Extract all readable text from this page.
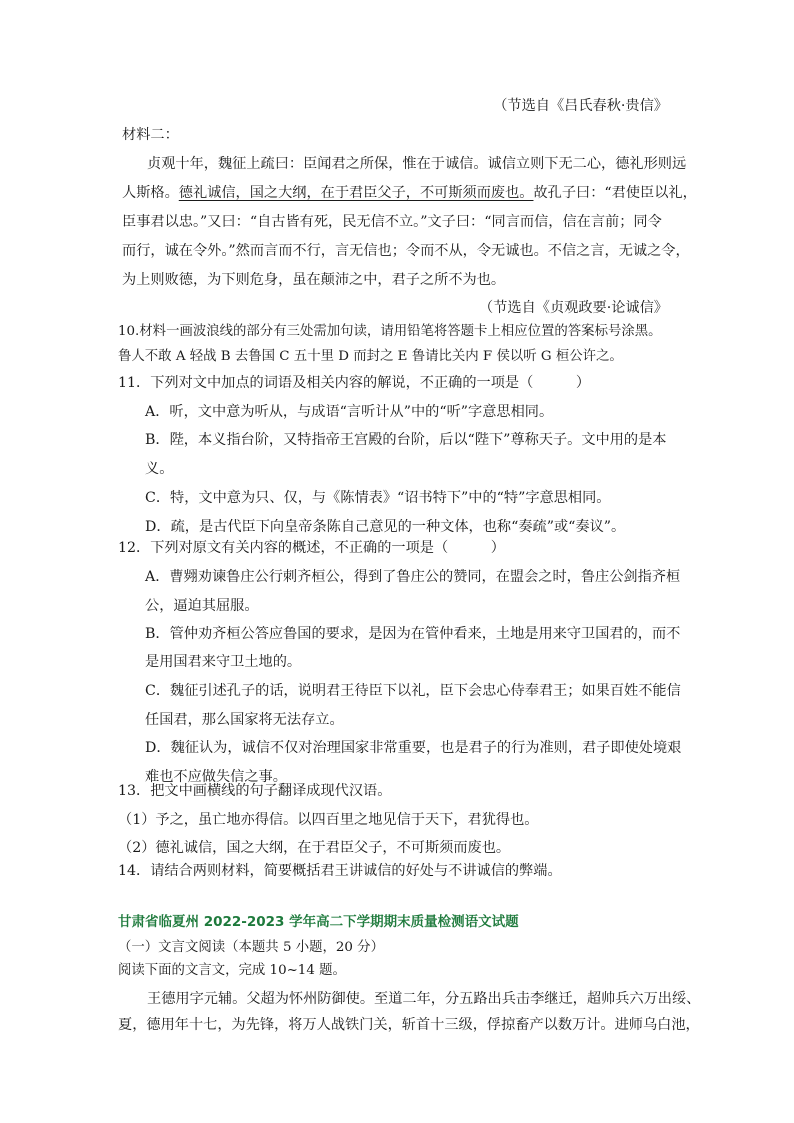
（节选自《吕氏春秋·贵信》
材料二：
贞观十年，魏征上疏曰：臣闻君之所保，惟在于诚信。诚信立则下无二心，德礼形则远
人斯格。德礼诚信，国之大纲，在于君臣父子，不可斯须而废也。故孔子曰：“君使臣以礼，
臣事君以忠。”又曰：“自古皆有死，民无信不立。”文子曰：“同言而信，信在言前；同令
而行，诚在令外。”然而言而不行，言无信也；令而不从，令无诚也。不信之言，无诚之令，
为上则败德，为下则危身，虽在颠沛之中，君子之所不为也。
（节选自《贞观政要·论诚信》
10.材料一画波浪线的部分有三处需加句读，请用铅笔将答题卡上相应位置的答案标号涂黑。
鲁人不敢 A 轻战 B 去鲁国 C 五十里 D 而封之 E 鲁请比关内 F 侯以听 G 桓公许之。
11．下列对文中加点的词语及相关内容的解说，不正确的一项是（　　　）
A．听，文中意为听从，与成语“言听计从”中的“听”字意思相同。
B．陛，本义指台阶，又特指帝王宫殿的台阶，后以“陛下”尊称天子。文中用的是本
义。
C．特，文中意为只、仅，与《陈情表》“诏书特下”中的“特”字意思相同。
D．疏，是古代臣下向皇帝条陈自己意见的一种文体，也称“奏疏”或“奏议”。
12．下列对原文有关内容的概述，不正确的一项是（　　　）
A．曹翙劝谏鲁庄公行刺齐桓公，得到了鲁庄公的赞同，在盟会之时，鲁庄公剑指齐桓
公，逼迫其屈服。
B．管仲劝齐桓公答应鲁国的要求，是因为在管仲看来，土地是用来守卫国君的，而不
是用国君来守卫土地的。
C．魏征引述孔子的话，说明君王待臣下以礼，臣下会忠心侍奉君王；如果百姓不能信
任国君，那么国家将无法存立。
D．魏征认为，诚信不仅对治理国家非常重要，也是君子的行为准则，君子即使处境艰
难也不应做失信之事。
13．把文中画横线的句子翻译成现代汉语。
（1）予之，虽亡地亦得信。以四百里之地见信于天下，君犹得也。
（2）德礼诚信，国之大纲，在于君臣父子，不可斯须而废也。
14．请结合两则材料，简要概括君王讲诚信的好处与不讲诚信的弊端。
甘肃省临夏州 2022-2023 学年高二下学期期末质量检测语文试题
（一）文言文阅读（本题共 5 小题，20 分）
阅读下面的文言文，完成 10~14 题。
王德用字元辅。父超为怀州防御使。至道二年，分五路出兵击李继迁，超帅兵六万出绥、
夏，德用年十七，为先锋，将万人战铁门关，斩首十三级，俘掠畜产以数万计。进师乌白池，
